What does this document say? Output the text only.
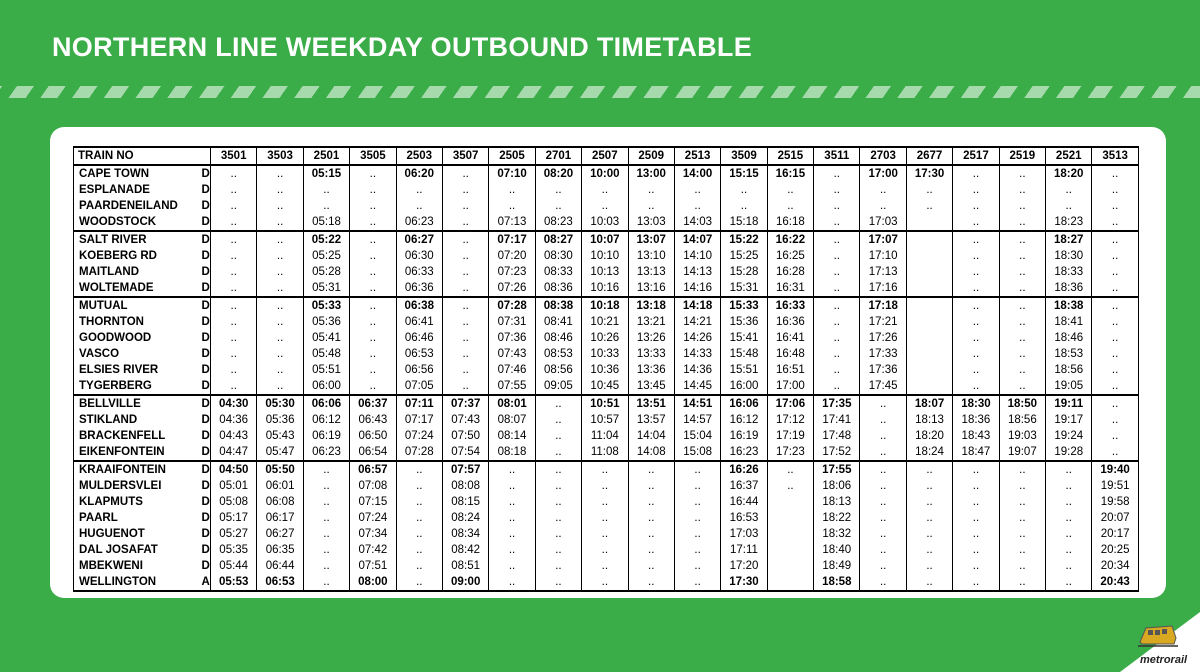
NORTHERN LINE WEEKDAY OUTBOUND TIMETABLE
TRAIN NO		3501	3503	2501	3505	2503	3507	2505	2701	2507	2509	2513	3509	2515	3511	2703	2677	2517	2519	2521	3513
CAPE TOWN	D	..	..	05:15	..	06:20	..	07:10	08:20	10:00	13:00	14:00	15:15	16:15	..	17:00	17:30	..	..	18:20	..
ESPLANADE	D	..	..	..	..	..	..	..	..	..	..	..	..	..	..	..	..	..	..	..	..
PAARDENEILAND	D	..	..	..	..	..	..	..	..	..	..	..	..	..	..	..	..	..	..	..	..
WOODSTOCK	D	..	..	05:18	..	06:23	..	07:13	08:23	10:03	13:03	14:03	15:18	16:18	..	17:03		..	..	18:23	..
SALT RIVER	D	..	..	05:22	..	06:27	..	07:17	08:27	10:07	13:07	14:07	15:22	16:22	..	17:07		..	..	18:27	..
KOEBERG RD	D	..	..	05:25	..	06:30	..	07:20	08:30	10:10	13:10	14:10	15:25	16:25	..	17:10		..	..	18:30	..
MAITLAND	D	..	..	05:28	..	06:33	..	07:23	08:33	10:13	13:13	14:13	15:28	16:28	..	17:13		..	..	18:33	..
WOLTEMADE	D	..	..	05:31	..	06:36	..	07:26	08:36	10:16	13:16	14:16	15:31	16:31	..	17:16		..	..	18:36	..
MUTUAL	D	..	..	05:33	..	06:38	..	07:28	08:38	10:18	13:18	14:18	15:33	16:33	..	17:18		..	..	18:38	..
THORNTON	D	..	..	05:36	..	06:41	..	07:31	08:41	10:21	13:21	14:21	15:36	16:36	..	17:21		..	..	18:41	..
GOODWOOD	D	..	..	05:41	..	06:46	..	07:36	08:46	10:26	13:26	14:26	15:41	16:41	..	17:26		..	..	18:46	..
VASCO	D	..	..	05:48	..	06:53	..	07:43	08:53	10:33	13:33	14:33	15:48	16:48	..	17:33		..	..	18:53	..
ELSIES RIVER	D	..	..	05:51	..	06:56	..	07:46	08:56	10:36	13:36	14:36	15:51	16:51	..	17:36		..	..	18:56	..
TYGERBERG	D	..	..	06:00	..	07:05	..	07:55	09:05	10:45	13:45	14:45	16:00	17:00	..	17:45		..	..	19:05	..
BELLVILLE	D	04:30	05:30	06:06	06:37	07:11	07:37	08:01	..	10:51	13:51	14:51	16:06	17:06	17:35	..	18:07	18:30	18:50	19:11	..
STIKLAND	D	04:36	05:36	06:12	06:43	07:17	07:43	08:07	..	10:57	13:57	14:57	16:12	17:12	17:41	..	18:13	18:36	18:56	19:17	..
BRACKENFELL	D	04:43	05:43	06:19	06:50	07:24	07:50	08:14	..	11:04	14:04	15:04	16:19	17:19	17:48	..	18:20	18:43	19:03	19:24	..
EIKENFONTEIN	D	04:47	05:47	06:23	06:54	07:28	07:54	08:18	..	11:08	14:08	15:08	16:23	17:23	17:52	..	18:24	18:47	19:07	19:28	..
KRAAIFONTEIN	D	04:50	05:50	..	06:57	..	07:57	..	..	..	..	..	16:26	..	17:55	..	..	..	..	..	19:40
MULDERSVLEI	D	05:01	06:01	..	07:08	..	08:08	..	..	..	..	..	16:37	..	18:06	..	..	..	..	..	19:51
KLAPMUTS	D	05:08	06:08	..	07:15	..	08:15	..	..	..	..	..	16:44		18:13	..	..	..	..	..	19:58
PAARL	D	05:17	06:17	..	07:24	..	08:24	..	..	..	..	..	16:53		18:22	..	..	..	..	..	20:07
HUGUENOT	D	05:27	06:27	..	07:34	..	08:34	..	..	..	..	..	17:03		18:32	..	..	..	..	..	20:17
DAL JOSAFAT	D	05:35	06:35	..	07:42	..	08:42	..	..	..	..	..	17:11		18:40	..	..	..	..	..	20:25
MBEKWENI	D	05:44	06:44	..	07:51	..	08:51	..	..	..	..	..	17:20		18:49	..	..	..	..	..	20:34
WELLINGTON	A	05:53	06:53	..	08:00	..	09:00	..	..	..	..	..	17:30		18:58	..	..	..	..	..	20:43
metrorail
